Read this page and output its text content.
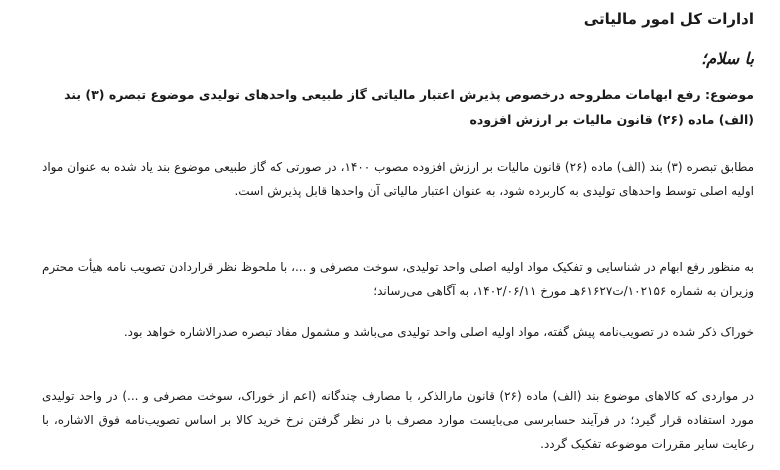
ادارات کل امور مالیاتی
با سلام؛
موضوع: رفع ابهامات مطروحه درخصوص پذیرش اعتبار مالیاتی گاز طبیعی واحدهای تولیدی موضوع تبصره (۳) بند (الف) ماده (۲۶) قانون مالیات بر ارزش افزوده
مطابق تبصره (۳) بند (الف) ماده (۲۶) قانون مالیات بر ارزش افزوده مصوب ۱۴۰۰، در صورتی که گاز طبیعی موضوع بند یاد شده به عنوان مواد اولیه اصلی توسط واحدهای تولیدی به کاربرده شود، به عنوان اعتبار مالیاتی آن واحدها قابل پذیرش است.
به منظور رفع ابهام در شناسایی و تفکیک مواد اولیه اصلی واحد تولیدی، سوخت مصرفی و ...، با ملحوظ نظر قراردادن تصویب نامه هیأت محترم وزیران به شماره ۱۰۲۱۵۶/ت۶۱۶۲۷هـ مورخ ۱۴۰۲/۰۶/۱۱، به آگاهی می‌رساند؛
خوراک ذکر شده در تصویب‌نامه پیش گفته، مواد اولیه اصلی واحد تولیدی می‌باشد و مشمول مفاد تبصره صدرالاشاره خواهد بود.
در مواردی که کالاهای موضوع بند (الف) ماده (۲۶) قانون مارالذکر، با مصارف چندگانه (اعم از خوراک، سوخت مصرفی و ...) در واحد تولیدی مورد استفاده قرار گیرد؛ در فرآیند حسابرسی می‌بایست موارد مصرف با در نظر گرفتن نرخ خرید کالا بر اساس تصویب‌نامه فوق الاشاره، با رعایت سایر مقررات موضوعه تفکیک گردد.
